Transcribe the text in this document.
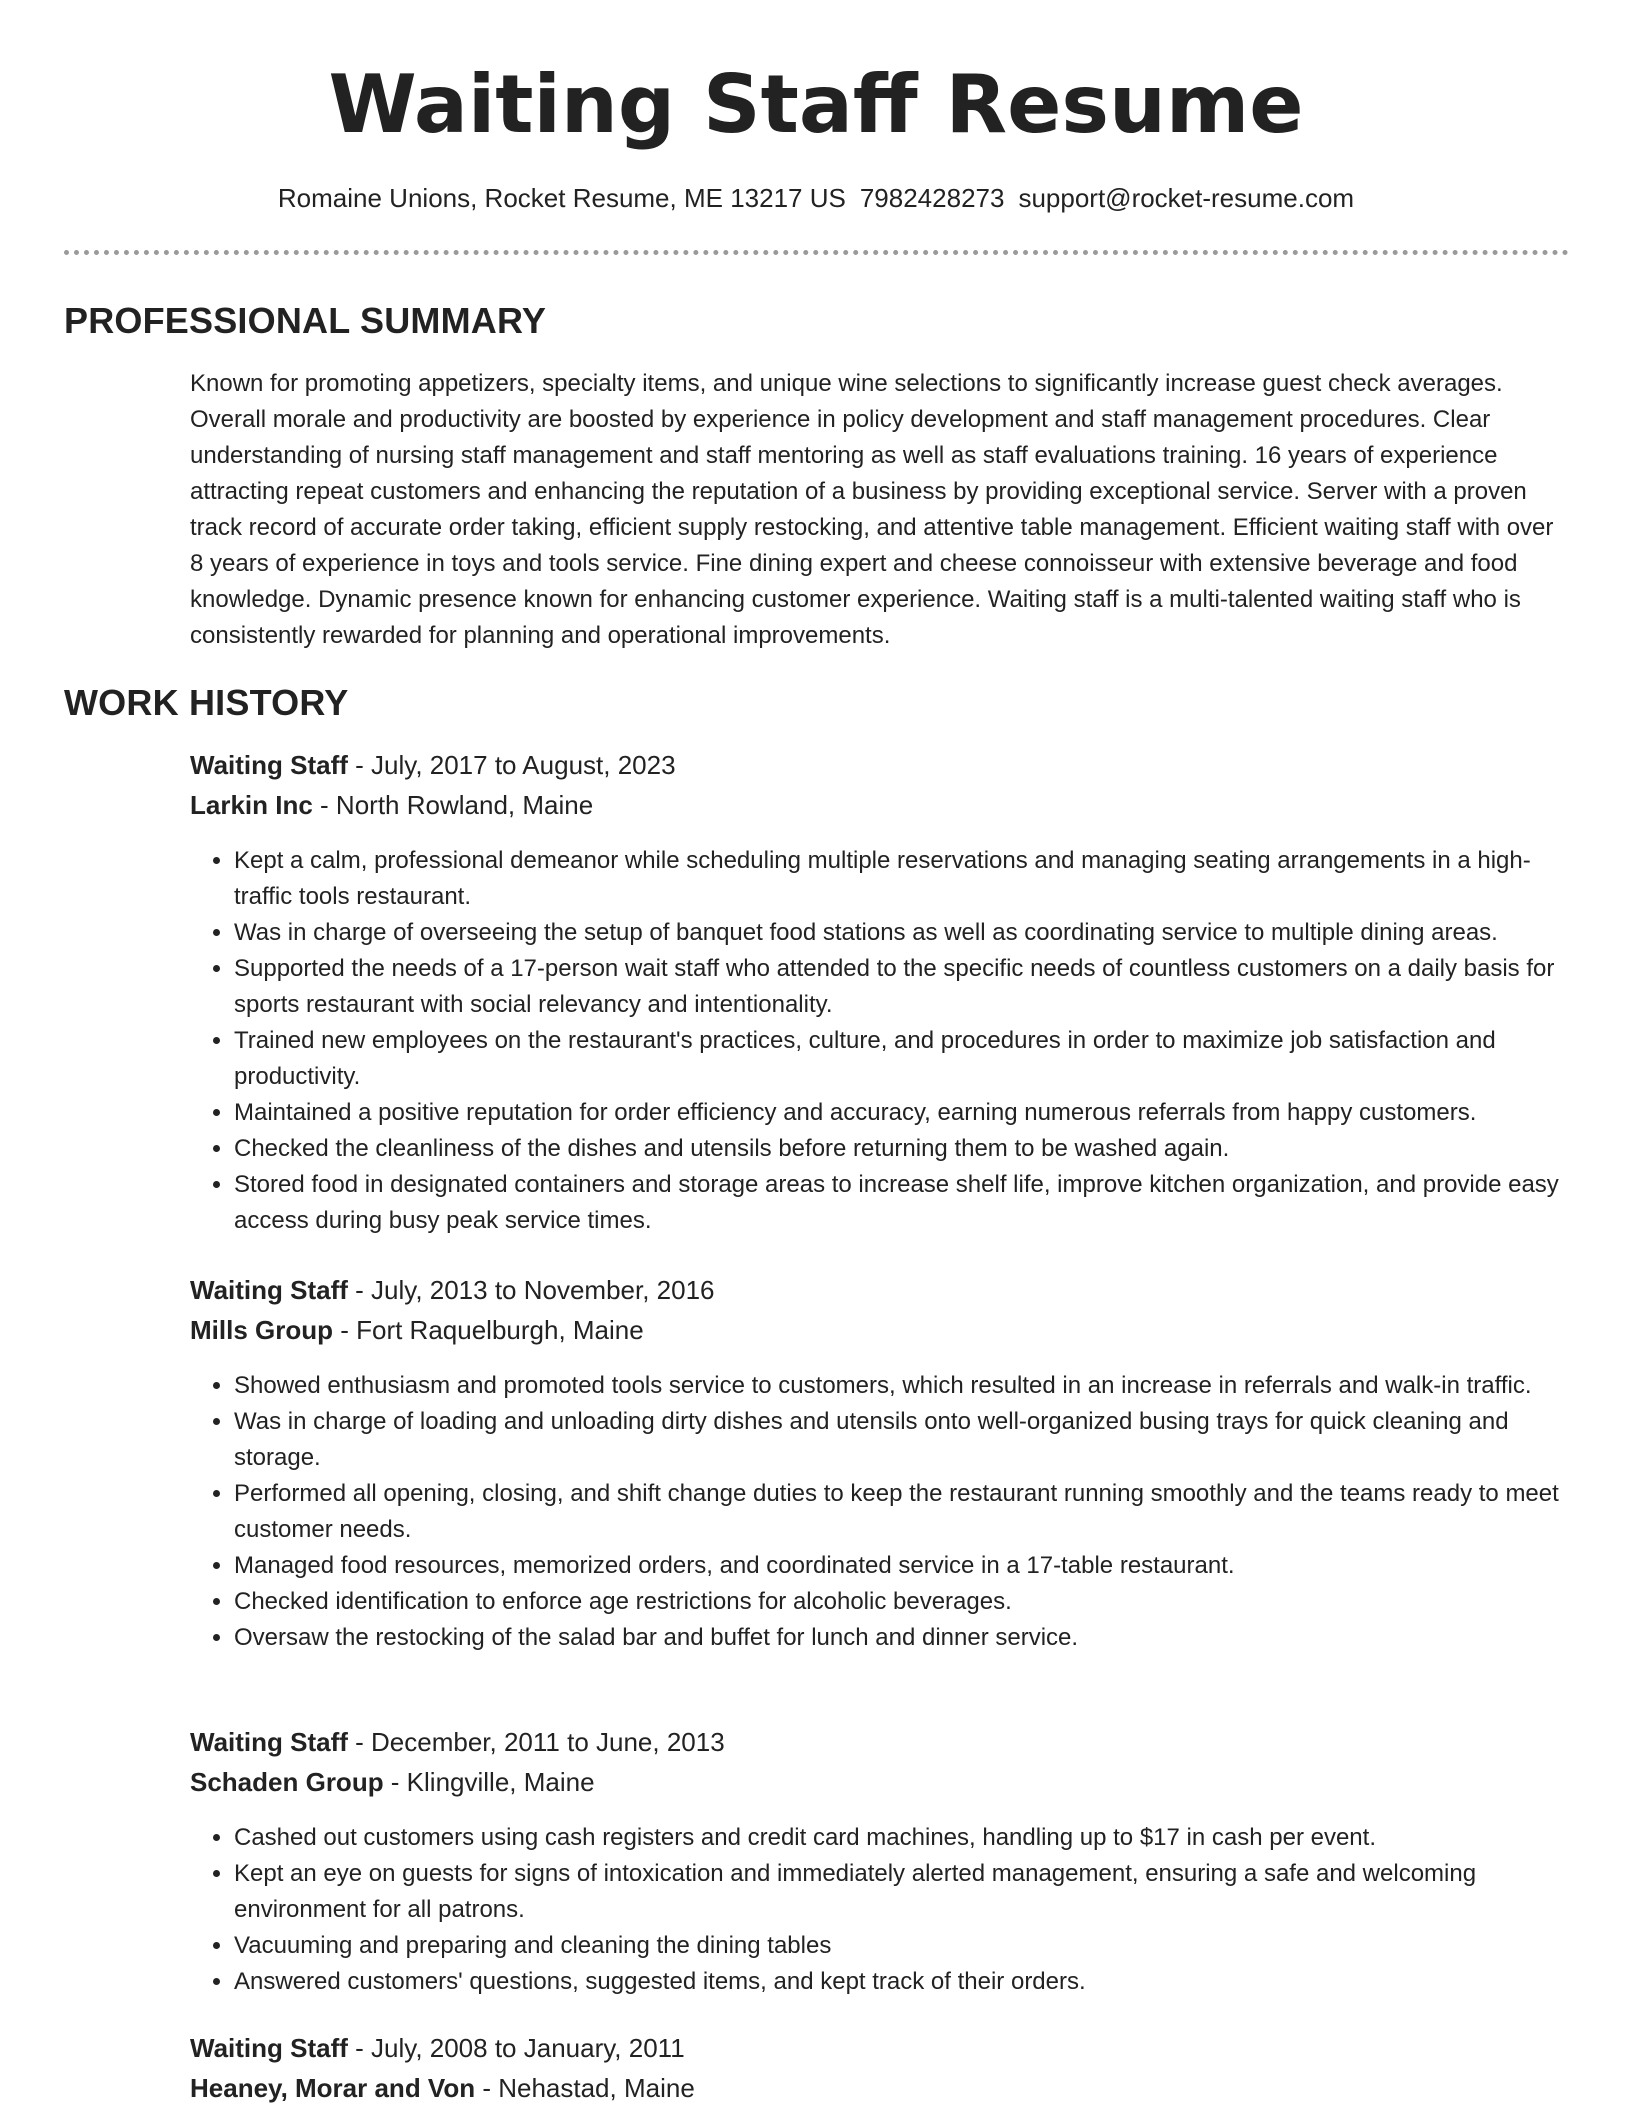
Waiting Staff Resume
Romaine Unions, Rocket Resume, ME 13217 US 7982428273 support@rocket-resume.com
PROFESSIONAL SUMMARY

Known for promoting appetizers, specialty items, and unique wine selections to significantly increase guest check averages. Overall morale and productivity are boosted by experience in policy development and staff management procedures. Clear understanding of nursing staff management and staff mentoring as well as staff evaluations training. 16 years of experience attracting repeat customers and enhancing the reputation of a business by providing exceptional service. Server with a proven track record of accurate order taking, efficient supply restocking, and attentive table management. Efficient waiting staff with over 8 years of experience in toys and tools service. Fine dining expert and cheese connoisseur with extensive beverage and food knowledge. Dynamic presence known for enhancing customer experience. Waiting staff is a multi-talented waiting staff who is consistently rewarded for planning and operational improvements.

WORK HISTORY
Waiting Staff - July, 2017 to August, 2023
Larkin Inc - North Rowland, Maine
• Kept a calm, professional demeanor while scheduling multiple reservations and managing seating arrangements in a high-traffic tools restaurant.
• Was in charge of overseeing the setup of banquet food stations as well as coordinating service to multiple dining areas.
• Supported the needs of a 17-person wait staff who attended to the specific needs of countless customers on a daily basis for sports restaurant with social relevancy and intentionality.
• Trained new employees on the restaurant's practices, culture, and procedures in order to maximize job satisfaction and productivity.
• Maintained a positive reputation for order efficiency and accuracy, earning numerous referrals from happy customers.
• Checked the cleanliness of the dishes and utensils before returning them to be washed again.
• Stored food in designated containers and storage areas to increase shelf life, improve kitchen organization, and provide easy access during busy peak service times.
Waiting Staff - July, 2013 to November, 2016
Mills Group - Fort Raquelburgh, Maine
• Showed enthusiasm and promoted tools service to customers, which resulted in an increase in referrals and walk-in traffic.
• Was in charge of loading and unloading dirty dishes and utensils onto well-organized busing trays for quick cleaning and storage.
• Performed all opening, closing, and shift change duties to keep the restaurant running smoothly and the teams ready to meet customer needs.
• Managed food resources, memorized orders, and coordinated service in a 17-table restaurant.
• Checked identification to enforce age restrictions for alcoholic beverages.
• Oversaw the restocking of the salad bar and buffet for lunch and dinner service.
Waiting Staff - December, 2011 to June, 2013
Schaden Group - Klingville, Maine
• Cashed out customers using cash registers and credit card machines, handling up to $17 in cash per event.
• Kept an eye on guests for signs of intoxication and immediately alerted management, ensuring a safe and welcoming environment for all patrons.
• Vacuuming and preparing and cleaning the dining tables
• Answered customers' questions, suggested items, and kept track of their orders.
Waiting Staff - July, 2008 to January, 2011
Heaney, Morar and Von - Nehastad, Maine
